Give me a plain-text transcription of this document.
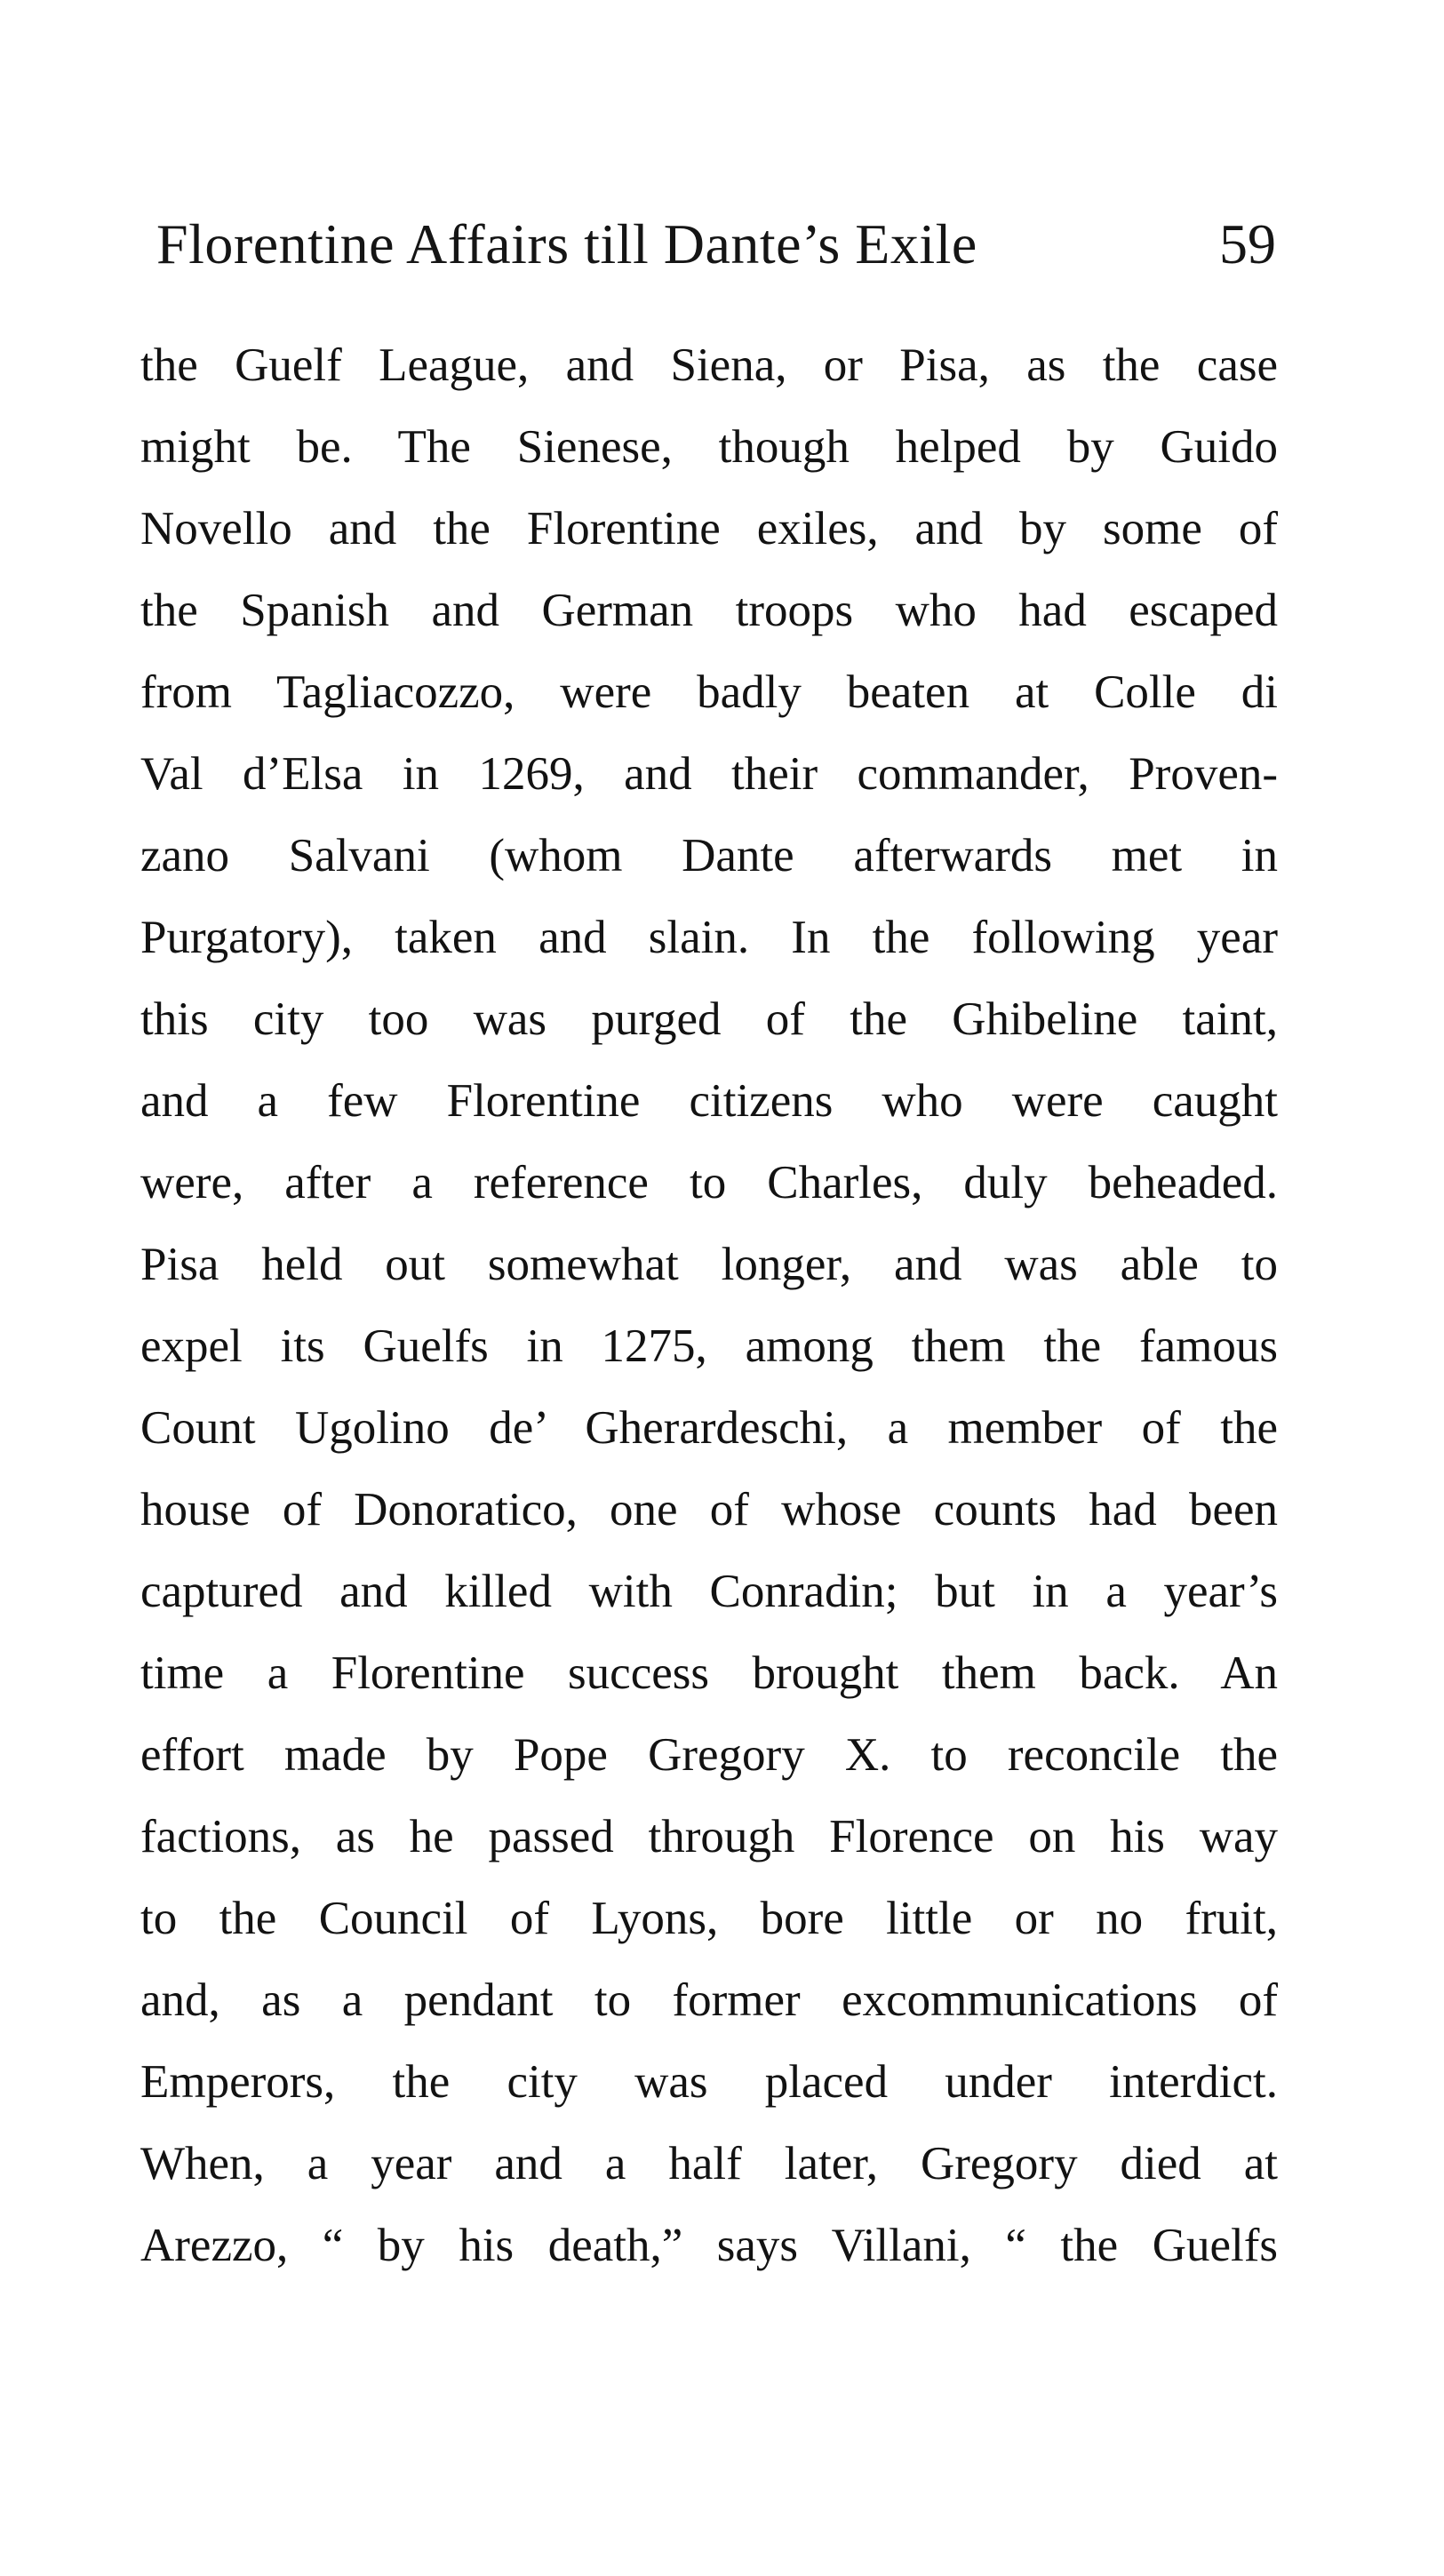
Florentine Affairs till Dante’s Exile	59
the Guelf League, and Siena, or Pisa, as the case
might be. The Sienese, though helped by Guido
Novello and the Florentine exiles, and by some of
the Spanish and German troops who had escaped
from Tagliacozzo, were badly beaten at Colle di
Val d’Elsa in 1269, and their commander, Proven-
zano Salvani (whom Dante afterwards met in
Purgatory), taken and slain. In the following year
this city too was purged of the Ghibeline taint,
and a few Florentine citizens who were caught
were, after a reference to Charles, duly beheaded.
Pisa held out somewhat longer, and was able to
expel its Guelfs in 1275, among them the famous
Count Ugolino de’ Gherardeschi, a member of the
house of Donoratico, one of whose counts had been
captured and killed with Conradin; but in a year’s
time a Florentine success brought them back. An
effort made by Pope Gregory X. to reconcile the
factions, as he passed through Florence on his way
to the Council of Lyons, bore little or no fruit,
and, as a pendant to former excommunications of
Emperors, the city was placed under interdict.
When, a year and a half later, Gregory died at
Arezzo, “ by his death,” says Villani, “ the Guelfs
